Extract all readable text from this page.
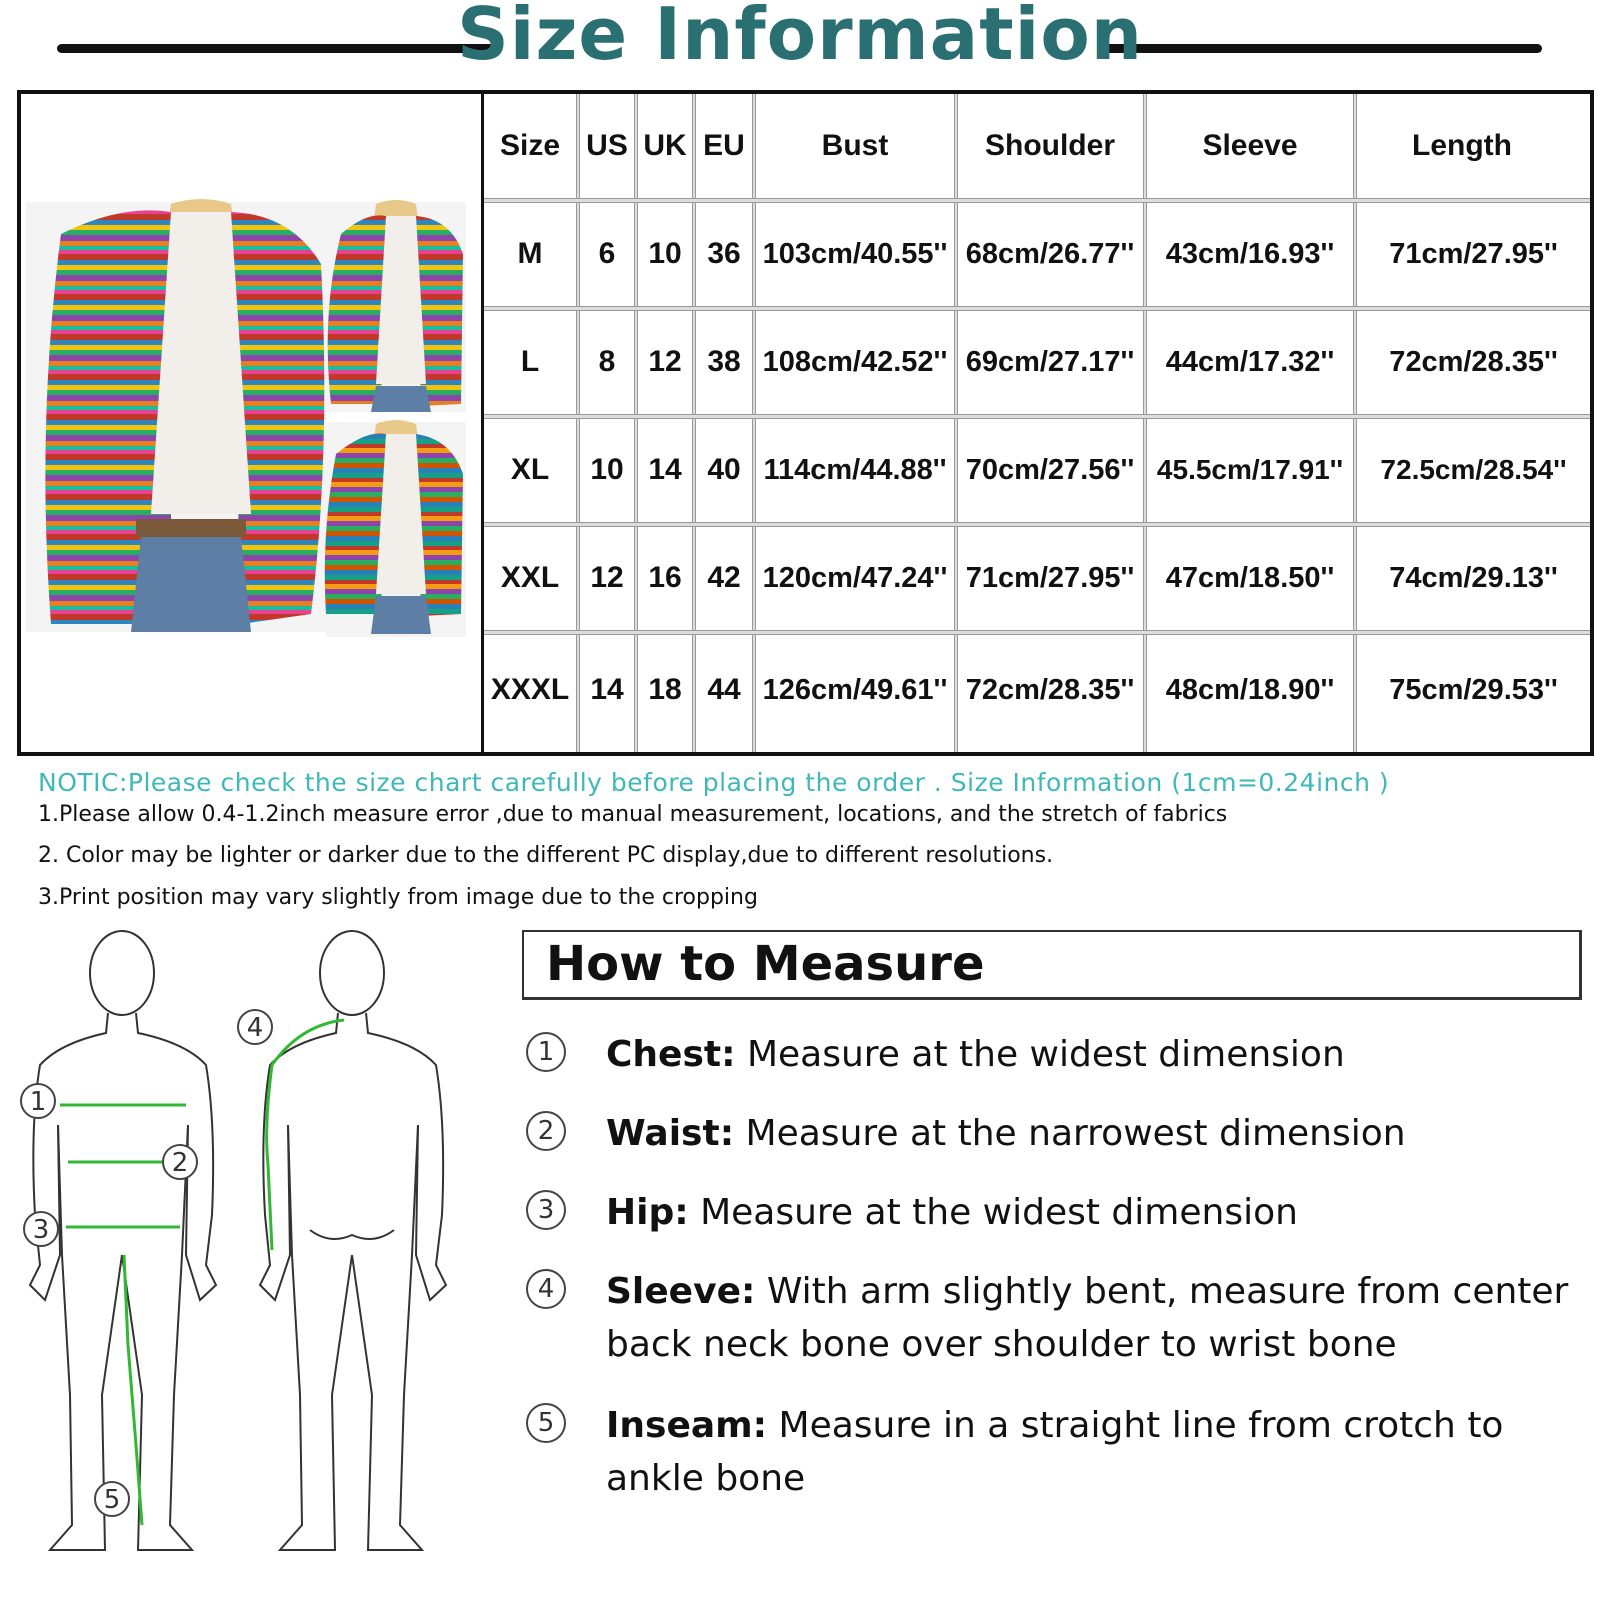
Size Information
Size US UK EU	Bust	Shoulder	Sleeve	Length
M	6	10 36 103cm/40.55'' 68cm/26.77''	43cm/16.93''	71cm/27.95''
L	8	12 38 108cm/42.52'' 69cm/27.17''	44cm/17.32''	72cm/28.35''
XL	10 14 40 114cm/44.88'' 70cm/27.56'' 45.5cm/17.91''	72.5cm/28.54''
XXL	12 16 42 120cm/47.24'' 71cm/27.95''	47cm/18.50''	74cm/29.13''
XXXL 14 18 44 126cm/49.61'' 72cm/28.35''	48cm/18.90''	75cm/29.53''
NOTIC:Please check the size chart carefully before placing the order . Size Information (1cm=0.24inch )
1.Please allow 0.4-1.2inch measure error ,due to manual measurement, locations, and the stretch of fabrics
2. Color may be lighter or darker due to the different PC display,due to different resolutions.
3.Print position may vary slightly from image due to the cropping
1
2
3
4
5
How to Measure
1	Chest: Measure at the widest dimension
2	Waist: Measure at the narrowest dimension
3	Hip: Measure at the widest dimension
4	Sleeve: With arm slightly bent, measure from center back neck bone over shoulder to wrist bone
5	Inseam: Measure in a straight line from crotch to ankle bone
